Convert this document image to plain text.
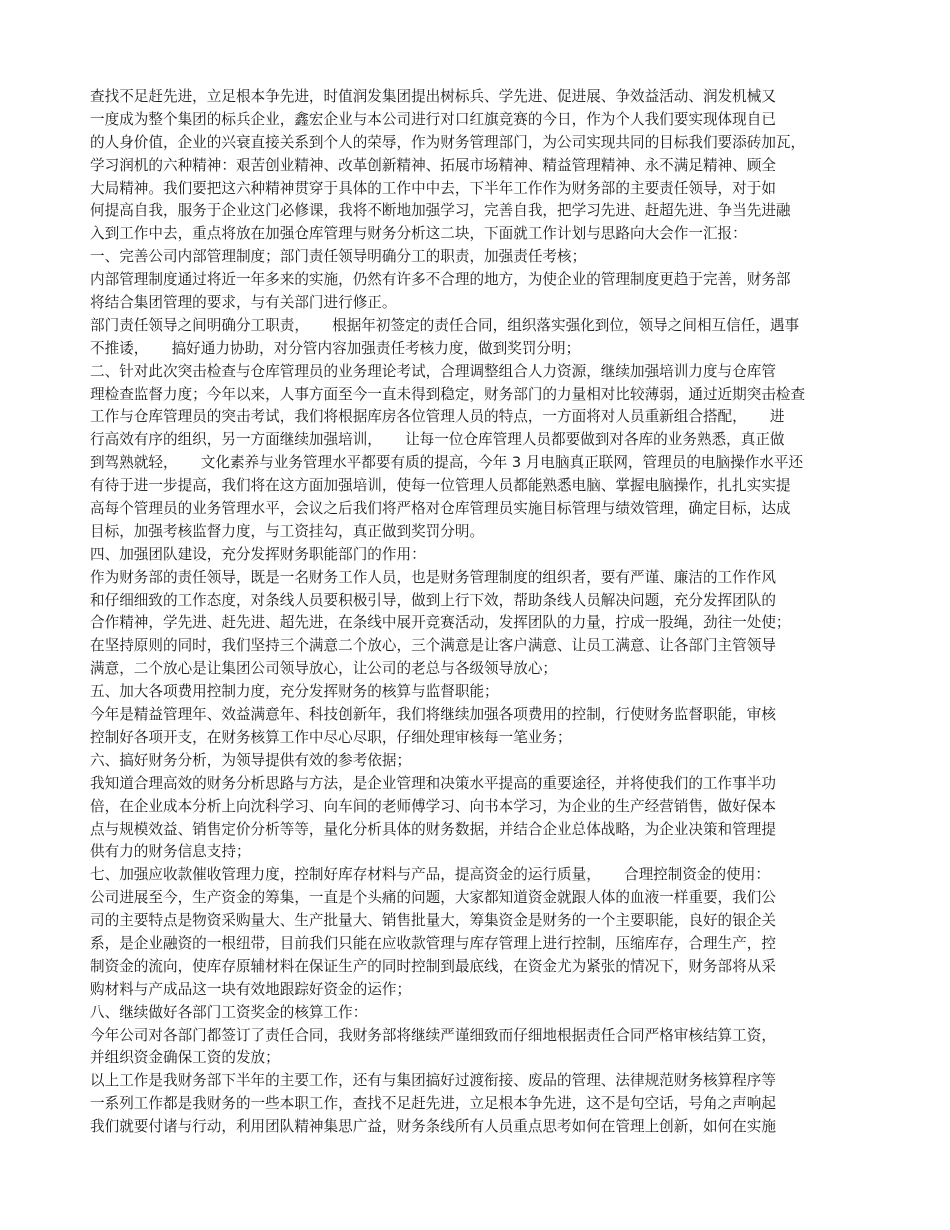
查找不足赶先进，立足根本争先进，时值润发集团提出树标兵、学先进、促进展、争效益活动、润发机械又
一度成为整个集团的标兵企业，鑫宏企业与本公司进行对口红旗竞赛的今日，作为个人我们要实现体现自已
的人身价值，企业的兴衰直接关系到个人的荣辱，作为财务管理部门，为公司实现共同的目标我们要添砖加瓦，
学习润机的六种精神：艰苦创业精神、改革创新精神、拓展市场精神、精益管理精神、永不满足精神、顾全
大局精神。我们要把这六种精神贯穿于具体的工作中中去，下半年工作作为财务部的主要责任领导，对于如
何提高自我，服务于企业这门必修课，我将不断地加强学习，完善自我，把学习先进、赶超先进、争当先进融
入到工作中去，重点将放在加强仓库管理与财务分析这二块，下面就工作计划与思路向大会作一汇报：
一、完善公司内部管理制度；部门责任领导明确分工的职责，加强责任考核；
内部管理制度通过将近一年多来的实施，仍然有许多不合理的地方，为使企业的管理制度更趋于完善，财务部
将结合集团管理的要求，与有关部门进行修正。
部门责任领导之间明确分工职责，     根据年初签定的责任合同，组织落实强化到位，领导之间相互信任，遇事
不推诿，     搞好通力协助，对分管内容加强责任考核力度，做到奖罚分明；
二、针对此次突击检查与仓库管理员的业务理论考试，合理调整组合人力资源，继续加强培训力度与仓库管
理检查监督力度；今年以来，人事方面至今一直未得到稳定，财务部门的力量相对比较薄弱，通过近期突击检查
工作与仓库管理员的突击考试，我们将根据库房各位管理人员的特点，一方面将对人员重新组合搭配，     进
行高效有序的组织，另一方面继续加强培训，     让每一位仓库管理人员都要做到对各库的业务熟悉，真正做
到驾熟就轻，     文化素养与业务管理水平都要有质的提高，今年 3 月电脑真正联网，管理员的电脑操作水平还
有待于进一步提高，我们将在这方面加强培训，使每一位管理人员都能熟悉电脑、掌握电脑操作，扎扎实实提
高每个管理员的业务管理水平，会议之后我们将严格对仓库管理员实施目标管理与绩效管理，确定目标，达成
目标，加强考核监督力度，与工资挂勾，真正做到奖罚分明。
四、加强团队建设，充分发挥财务职能部门的作用：
作为财务部的责任领导，既是一名财务工作人员，也是财务管理制度的组织者，要有严谨、廉洁的工作作风
和仔细细致的工作态度，对条线人员要积极引导，做到上行下效，帮助条线人员解决问题，充分发挥团队的
合作精神，学先进、赶先进、超先进，在条线中展开竞赛活动，发挥团队的力量，拧成一股绳，劲往一处使；
在坚持原则的同时，我们坚持三个满意二个放心，三个满意是让客户满意、让员工满意、让各部门主管领导
满意，二个放心是让集团公司领导放心，让公司的老总与各级领导放心；
五、加大各项费用控制力度，充分发挥财务的核算与监督职能；
今年是精益管理年、效益满意年、科技创新年，我们将继续加强各项费用的控制，行使财务监督职能，审核
控制好各项开支，在财务核算工作中尽心尽职，仔细处理审核每一笔业务；
六、搞好财务分析，为领导提供有效的参考依据；
我知道合理高效的财务分析思路与方法，是企业管理和决策水平提高的重要途径，并将使我们的工作事半功
倍，在企业成本分析上向沈科学习、向车间的老师傅学习、向书本学习，为企业的生产经营销售，做好保本
点与规模效益、销售定价分析等等，量化分析具体的财务数据，并结合企业总体战略，为企业决策和管理提
供有力的财务信息支持；
七、加强应收款催收管理力度，控制好库存材料与产品，提高资金的运行质量，     合理控制资金的使用：
公司进展至今，生产资金的筹集，一直是个头痛的问题，大家都知道资金就跟人体的血液一样重要，我们公
司的主要特点是物资采购量大、生产批量大、销售批量大，筹集资金是财务的一个主要职能，良好的银企关
系，是企业融资的一根纽带，目前我们只能在应收款管理与库存管理上进行控制，压缩库存，合理生产，控
制资金的流向，使库存原辅材料在保证生产的同时控制到最底线，在资金尤为紧张的情况下，财务部将从采
购材料与产成品这一块有效地跟踪好资金的运作；
八、继续做好各部门工资奖金的核算工作：
今年公司对各部门都签订了责任合同，我财务部将继续严谨细致而仔细地根据责任合同严格审核结算工资，
并组织资金确保工资的发放；
以上工作是我财务部下半年的主要工作，还有与集团搞好过渡衔接、废品的管理、法律规范财务核算程序等
一系列工作都是我财务的一些本职工作，查找不足赶先进，立足根本争先进，这不是句空话，号角之声响起
我们就要付诸与行动，利用团队精神集思广益，财务条线所有人员重点思考如何在管理上创新，如何在实施
